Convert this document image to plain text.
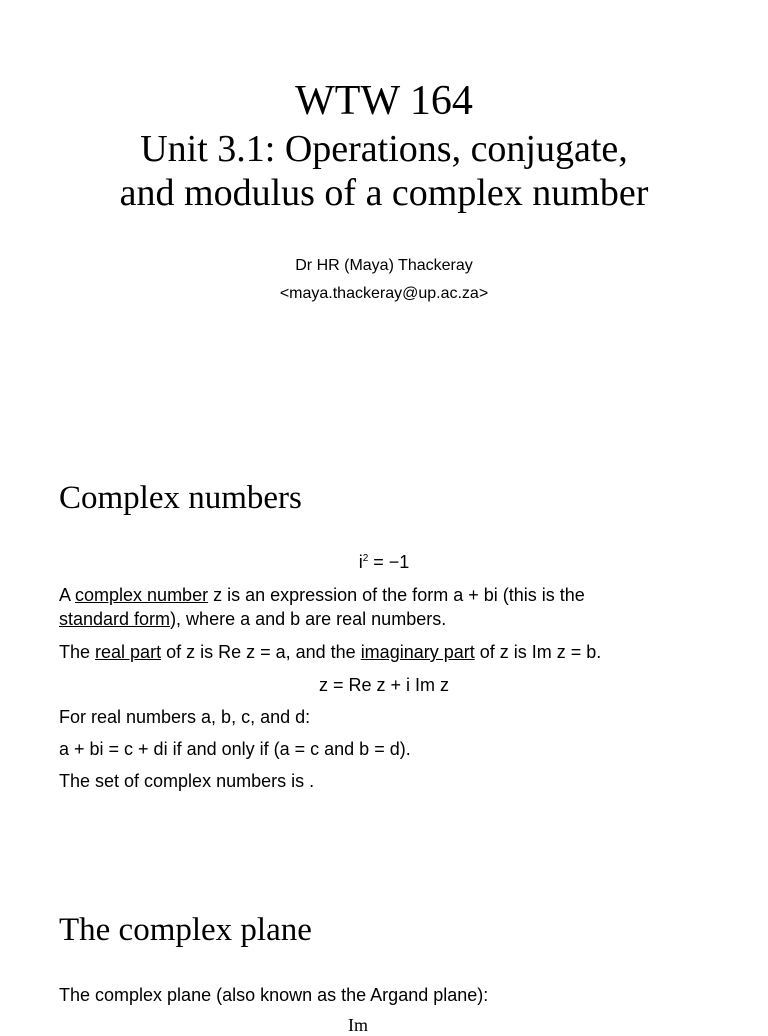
WTW 164
Unit 3.1: Operations, conjugate,
and modulus of a complex number
Dr HR (Maya) Thackeray
<maya.thackeray@up.ac.za>
Complex numbers
$i^2 = -1$
A complex number z is an expression of the form a + bi (this is the
standard form), where a and b are real numbers.
The real part of z is Re z = a, and the imaginary part of z is Im z = b.
z = Re z + i Im z
For real numbers a, b, c, and d:
a + bi = c + di if and only if (a = c and b = d).
The set of complex numbers is .
The complex plane
The complex plane (also known as the Argand plane):
Im
